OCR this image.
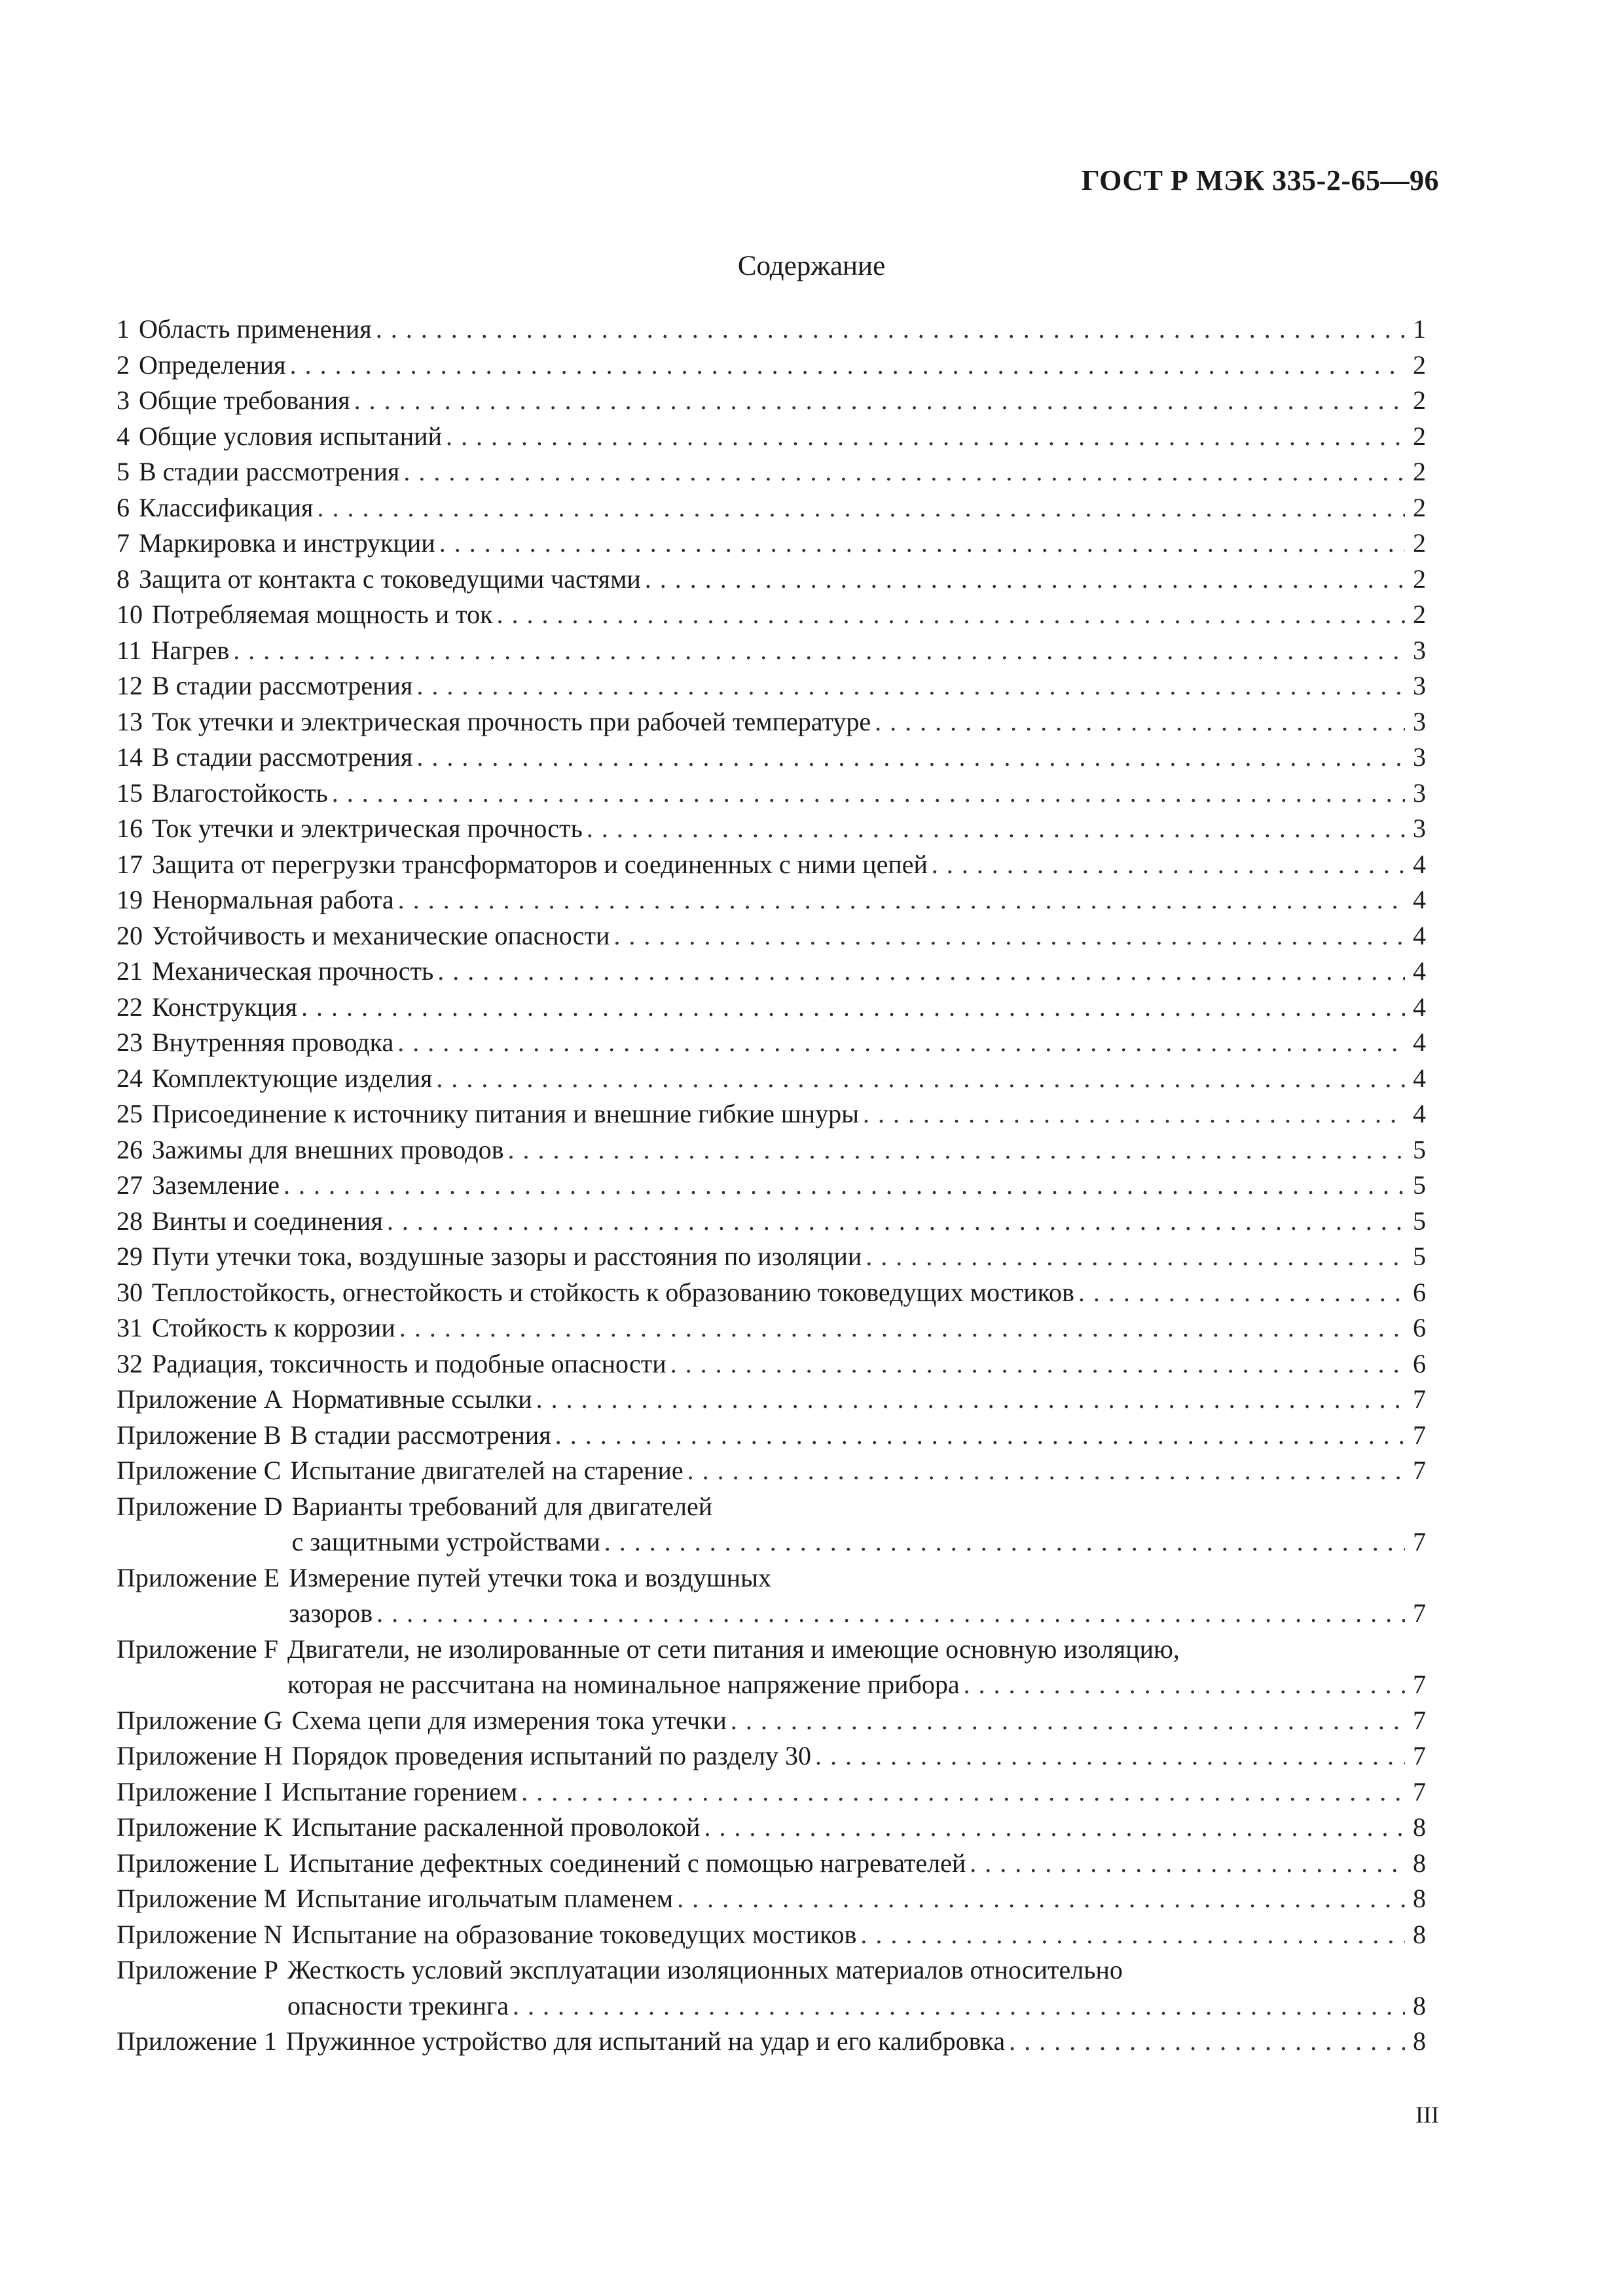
ГОСТ Р МЭК 335-2-65—96
Содержание
1 Область применения .....	1
2 Определения .....	2
3 Общие требования .....	2
4 Общие условия испытаний .....	2
5 В стадии рассмотрения .....	2
6 Классификация .....	2
7 Маркировка и инструкции .....	2
8 Защита от контакта с токоведущими частями .....	2
10 Потребляемая мощность и ток .....	2
11 Нагрев .....	3
12 В стадии рассмотрения .....	3
13 Ток утечки и электрическая прочность при рабочей температуре .....	3
14 В стадии рассмотрения .....	3
15 Влагостойкость .....	3
16 Ток утечки и электрическая прочность .....	3
17 Защита от перегрузки трансформаторов и соединенных с ними цепей .....	4
19 Ненормальная работа .....	4
20 Устойчивость и механические опасности .....	4
21 Механическая прочность .....	4
22 Конструкция .....	4
23 Внутренняя проводка .....	4
24 Комплектующие изделия .....	4
25 Присоединение к источнику питания и внешние гибкие шнуры .....	4
26 Зажимы для внешних проводов .....	5
27 Заземление .....	5
28 Винты и соединения .....	5
29 Пути утечки тока, воздушные зазоры и расстояния по изоляции .....	5
30 Теплостойкость, огнестойкость и стойкость к образованию токоведущих мостиков .....	6
31 Стойкость к коррозии .....	6
32 Радиация, токсичность и подобные опасности .....	6
Приложение A Нормативные ссылки .....	7
Приложение B В стадии рассмотрения .....	7
Приложение C Испытание двигателей на старение .....	7
Приложение D Варианты требований для двигателей
с защитными устройствами .....	7
Приложение E Измерение путей утечки тока и воздушных
зазоров .....	7
Приложение F Двигатели, не изолированные от сети питания и имеющие основную изоляцию,
которая не рассчитана на номинальное напряжение прибора .....	7
Приложение G Схема цепи для измерения тока утечки .....	7
Приложение H Порядок проведения испытаний по разделу 30 .....	7
Приложение I Испытание горением .....	7
Приложение K Испытание раскаленной проволокой .....	8
Приложение L Испытание дефектных соединений с помощью нагревателей .....	8
Приложение M Испытание игольчатым пламенем .....	8
Приложение N Испытание на образование токоведущих мостиков .....	8
Приложение P Жесткость условий эксплуатации изоляционных материалов относительно
опасности трекинга .....	8
Приложение 1 Пружинное устройство для испытаний на удар и его калибровка .....	8
III
